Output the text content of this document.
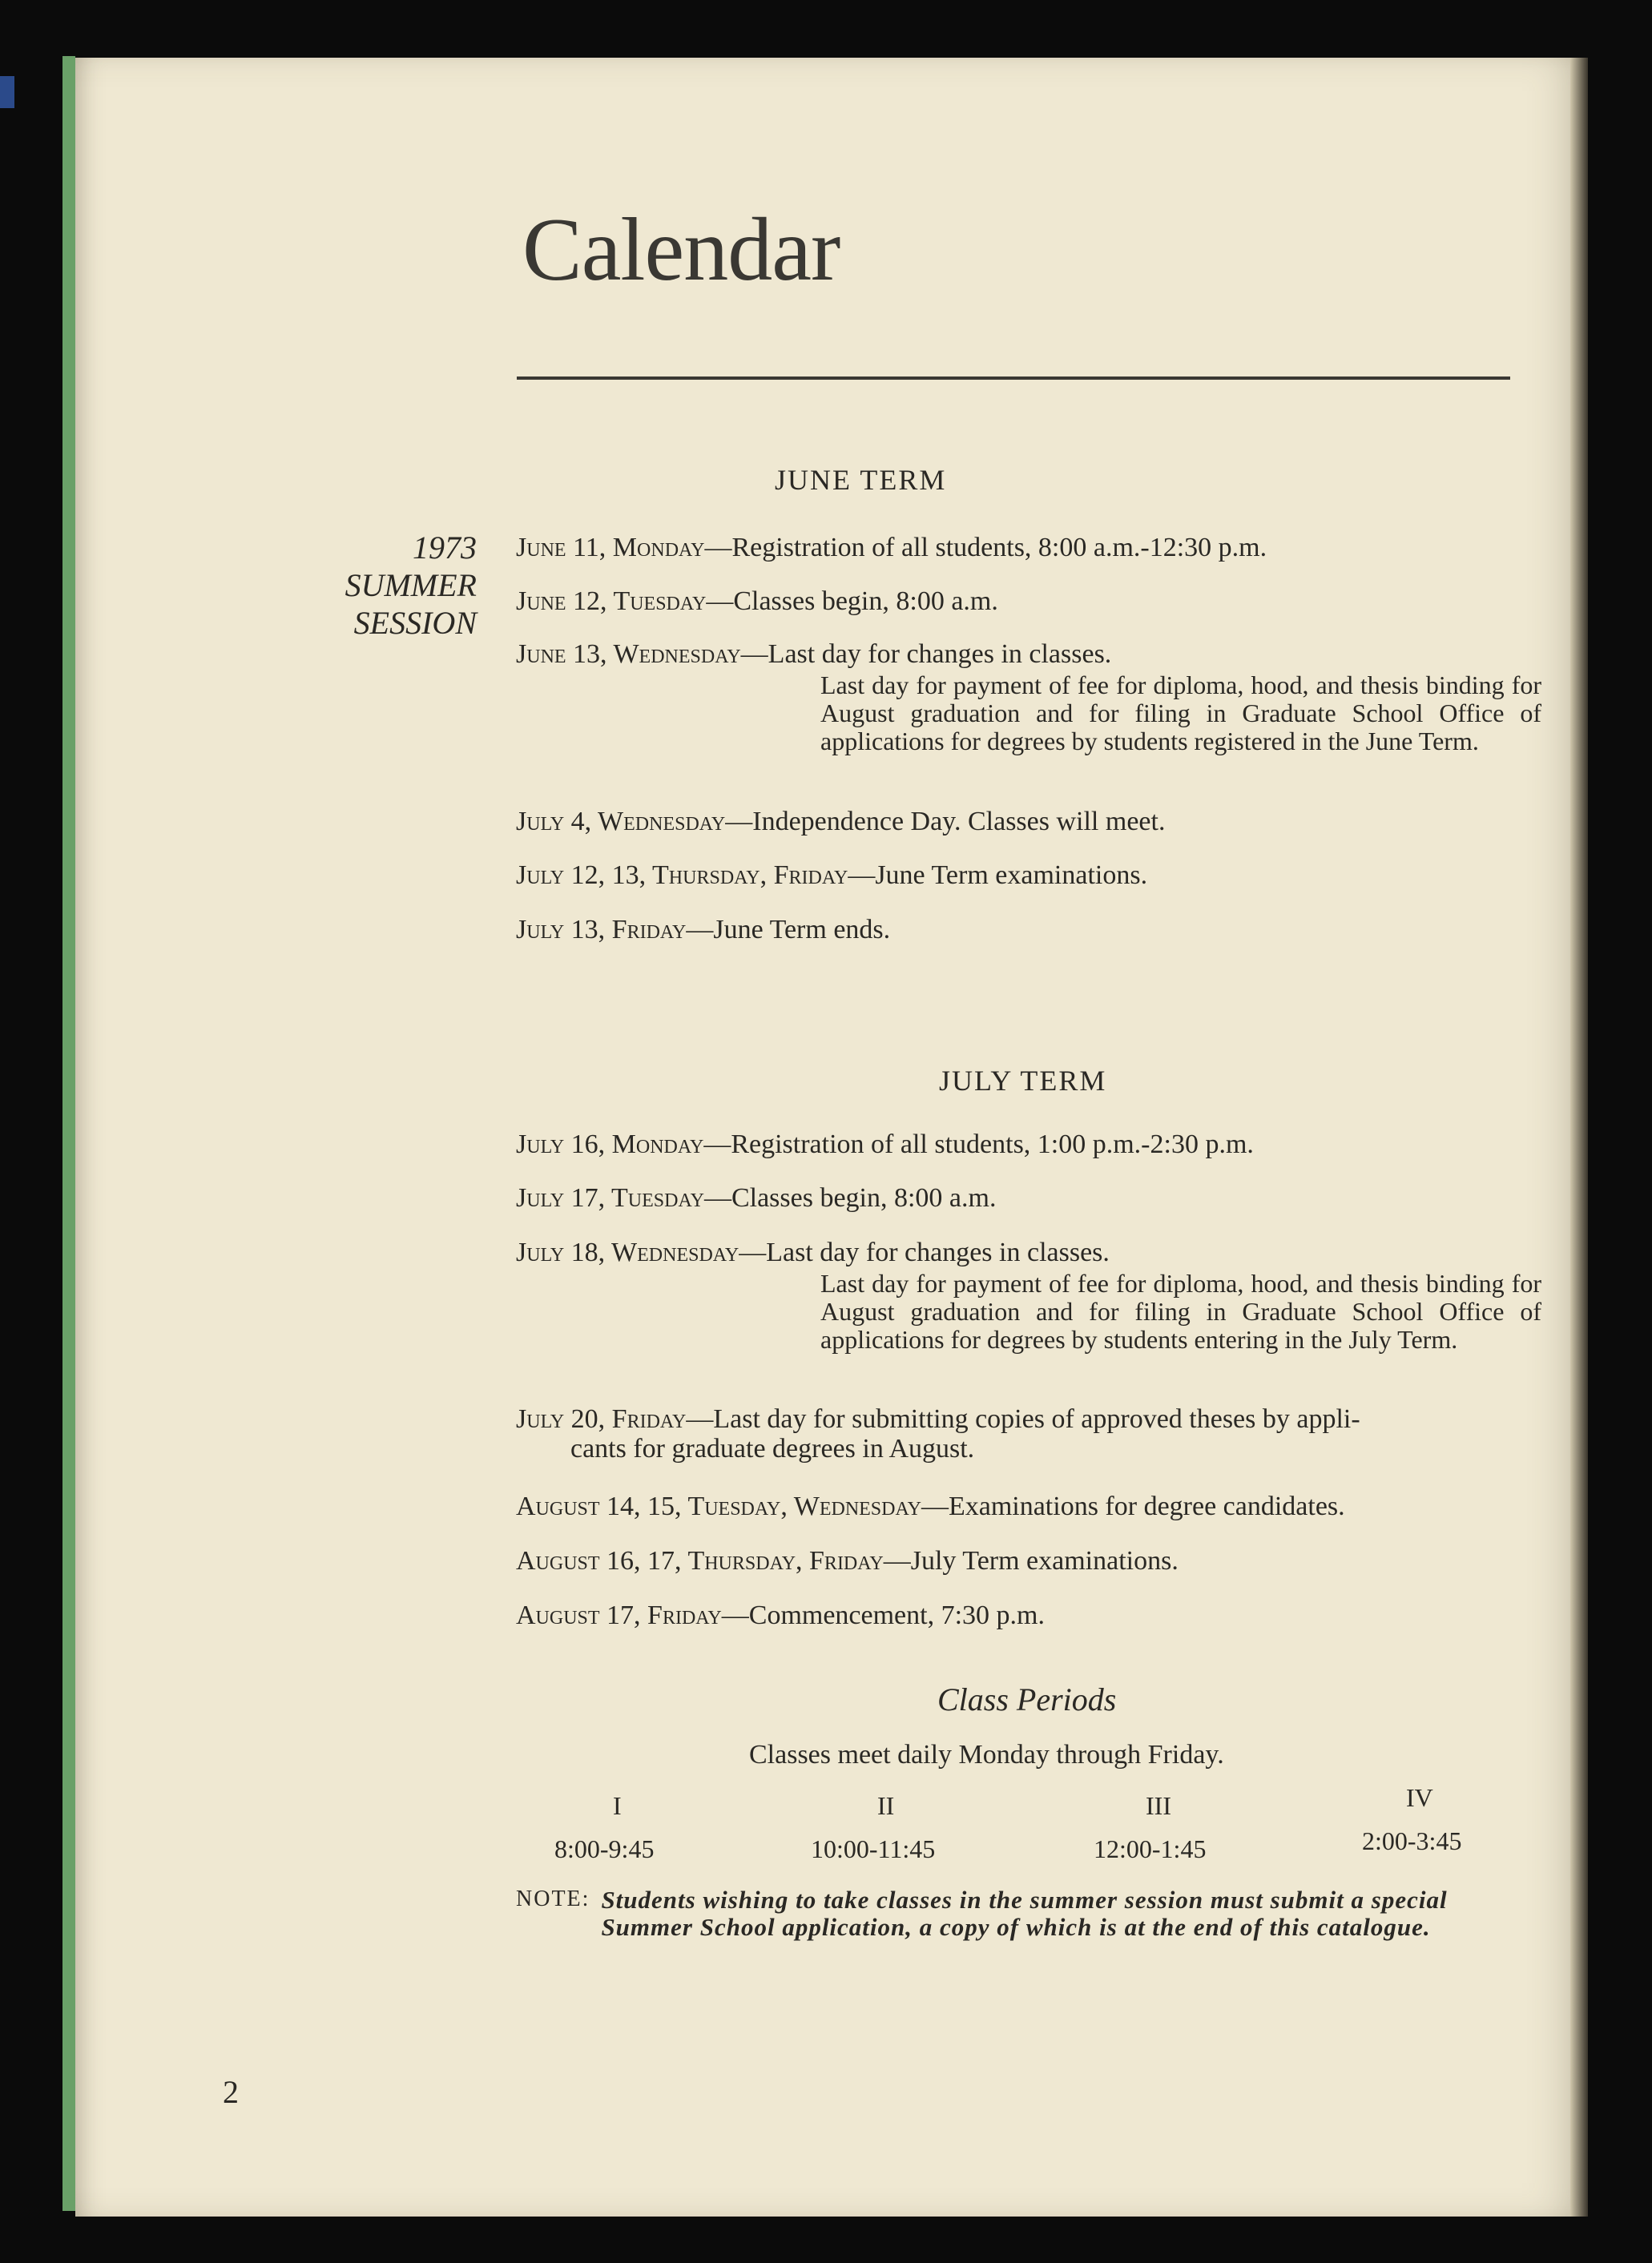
Calendar
1973
SUMMER
SESSION
JUNE TERM
June 11, Monday—Registration of all students, 8:00 a.m.-12:30 p.m.
June 12, Tuesday—Classes begin, 8:00 a.m.
June 13, Wednesday—Last day for changes in classes.
Last day for payment of fee for diploma, hood, and thesis binding for August graduation and for filing in Graduate School Office of applications for degrees by students registered in the June Term.
July 4, Wednesday—Independence Day. Classes will meet.
July 12, 13, Thursday, Friday—June Term examinations.
July 13, Friday—June Term ends.
JULY TERM
July 16, Monday—Registration of all students, 1:00 p.m.-2:30 p.m.
July 17, Tuesday—Classes begin, 8:00 a.m.
July 18, Wednesday—Last day for changes in classes.
Last day for payment of fee for diploma, hood, and thesis binding for August graduation and for filing in Graduate School Office of applications for degrees by students entering in the July Term.
July 20, Friday—Last day for submitting copies of approved theses by appli-
cants for graduate degrees in August.
August 14, 15, Tuesday, Wednesday—Examinations for degree candidates.
August 16, 17, Thursday, Friday—July Term examinations.
August 17, Friday—Commencement, 7:30 p.m.
Class Periods
Classes meet daily Monday through Friday.
I	II	III	IV
8:00-9:45	10:00-11:45	12:00-1:45	2:00-3:45
NOTE: Students wishing to take classes in the summer session must submit a special Summer School application, a copy of which is at the end of this catalogue.
2
